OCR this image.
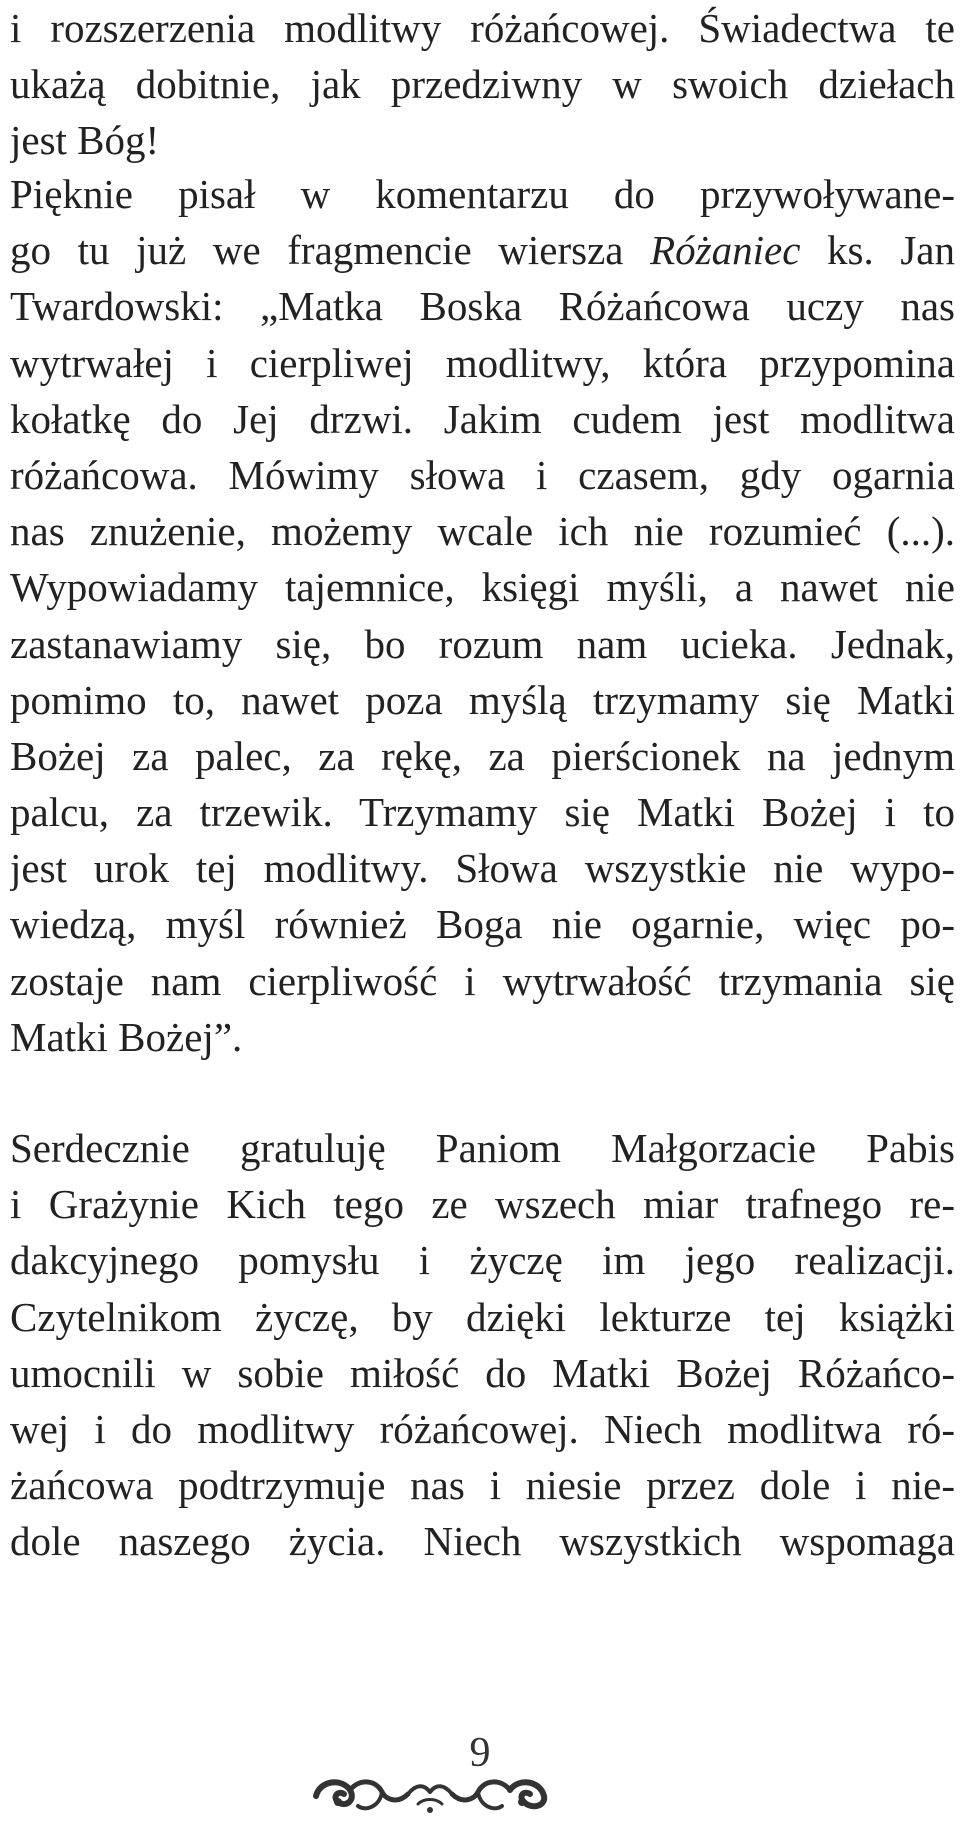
i rozszerzenia modlitwy różańcowej. Świadectwa te
ukażą dobitnie, jak przedziwny w swoich dziełach
jest Bóg!
Pięknie pisał w komentarzu do przywoływane-
go tu już we fragmencie wiersza Różaniec ks. Jan
Twardowski: „Matka Boska Różańcowa uczy nas
wytrwałej i cierpliwej modlitwy, która przypomina
kołatkę do Jej drzwi. Jakim cudem jest modlitwa
różańcowa. Mówimy słowa i czasem, gdy ogarnia
nas znużenie, możemy wcale ich nie rozumieć (...).
Wypowiadamy tajemnice, księgi myśli, a nawet nie
zastanawiamy się, bo rozum nam ucieka. Jednak,
pomimo to, nawet poza myślą trzymamy się Matki
Bożej za palec, za rękę, za pierścionek na jednym
palcu, za trzewik. Trzymamy się Matki Bożej i to
jest urok tej modlitwy. Słowa wszystkie nie wypo-
wiedzą, myśl również Boga nie ogarnie, więc po-
zostaje nam cierpliwość i wytrwałość trzymania się
Matki Bożej”.
Serdecznie gratuluję Paniom Małgorzacie Pabis
i Grażynie Kich tego ze wszech miar trafnego re-
dakcyjnego pomysłu i życzę im jego realizacji.
Czytelnikom życzę, by dzięki lekturze tej książki
umocnili w sobie miłość do Matki Bożej Różańco-
wej i do modlitwy różańcowej. Niech modlitwa ró-
żańcowa podtrzymuje nas i niesie przez dole i nie-
dole naszego życia. Niech wszystkich wspomaga
9
